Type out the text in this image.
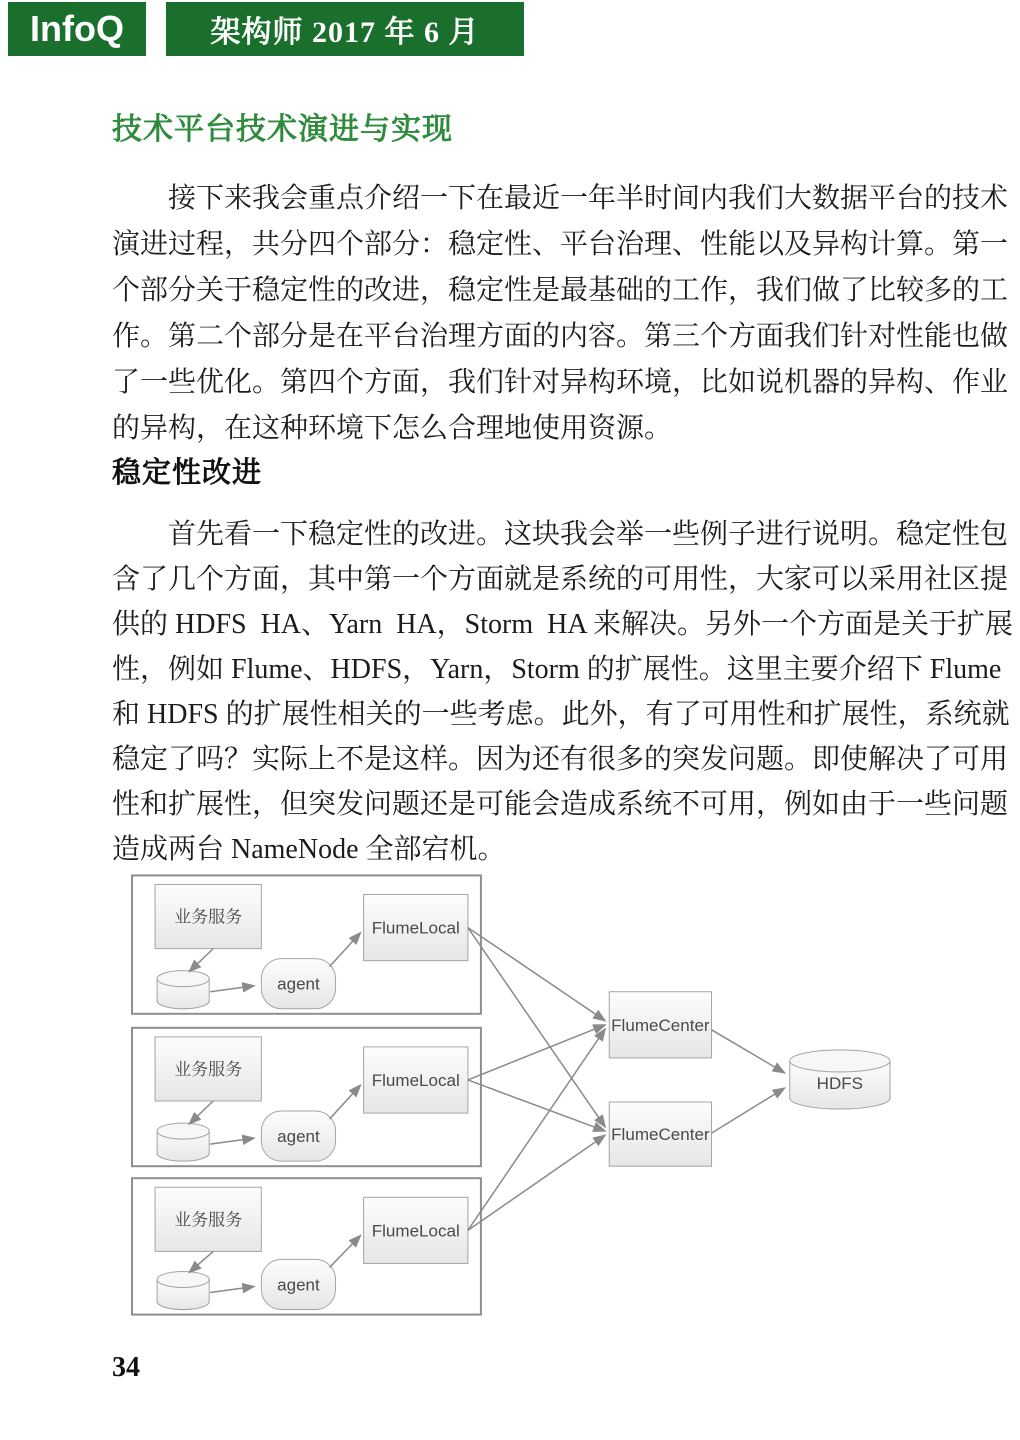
InfoQ	架构师 2017 年 6 月
技术平台技术演进与实现
接下来我会重点介绍一下在最近一年半时间内我们大数据平台的技术
演进过程，共分四个部分：稳定性、平台治理、性能以及异构计算。第一
个部分关于稳定性的改进，稳定性是最基础的工作，我们做了比较多的工
作。第二个部分是在平台治理方面的内容。第三个方面我们针对性能也做
了一些优化。第四个方面，我们针对异构环境，比如说机器的异构、作业
的异构，在这种环境下怎么合理地使用资源。
稳定性改进
首先看一下稳定性的改进。这块我会举一些例子进行说明。稳定性包
含了几个方面，其中第一个方面就是系统的可用性，大家可以采用社区提
供的 HDFS  HA、Yarn  HA，Storm  HA 来解决。另外一个方面是关于扩展
性，例如 Flume、HDFS，Yarn，Storm 的扩展性。这里主要介绍下 Flume
和 HDFS 的扩展性相关的一些考虑。此外，有了可用性和扩展性，系统就
稳定了吗？实际上不是这样。因为还有很多的突发问题。即使解决了可用
性和扩展性，但突发问题还是可能会造成系统不可用，例如由于一些问题
造成两台 NameNode 全部宕机。
业务服务
agent
FlumeLocal
业务服务
agent
FlumeLocal
业务服务
agent
FlumeLocal
FlumeCenter
FlumeCenter
HDFS
34
